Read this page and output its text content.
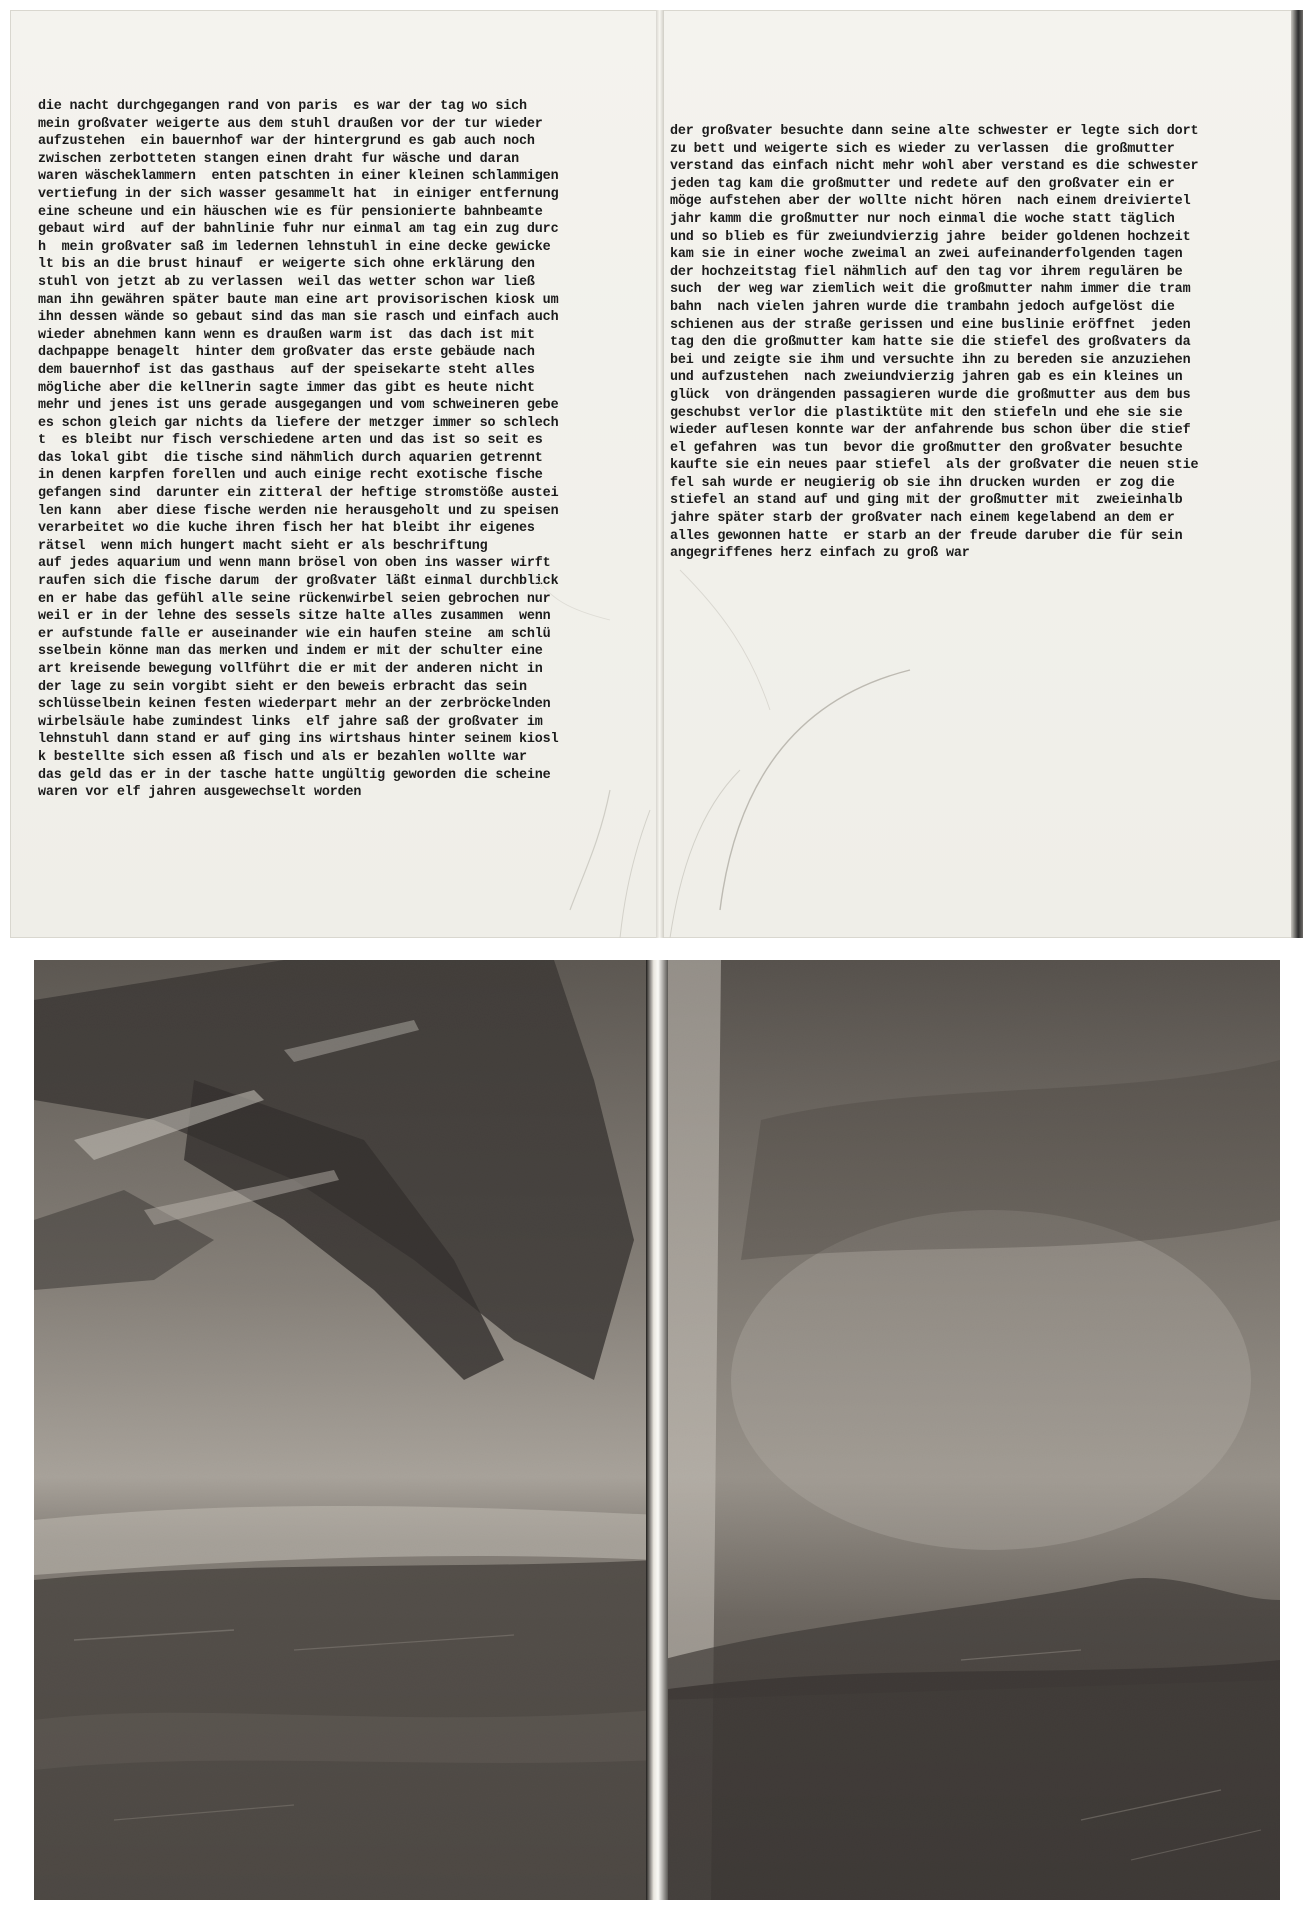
die nacht durchgegangen rand von paris  es war der tag wo sich
mein großvater weigerte aus dem stuhl draußen vor der tur wieder
aufzustehen  ein bauernhof war der hintergrund es gab auch noch
zwischen zerbotteten stangen einen draht fur wäsche und daran
waren wäscheklammern  enten patschten in einer kleinen schlammigen
vertiefung in der sich wasser gesammelt hat  in einiger entfernung
eine scheune und ein häuschen wie es für pensionierte bahnbeamte
gebaut wird  auf der bahnlinie fuhr nur einmal am tag ein zug durc
h  mein großvater saß im ledernen lehnstuhl in eine decke gewicke
lt bis an die brust hinauf  er weigerte sich ohne erklärung den
stuhl von jetzt ab zu verlassen  weil das wetter schon war ließ
man ihn gewähren später baute man eine art provisorischen kiosk um
ihn dessen wände so gebaut sind das man sie rasch und einfach auch
wieder abnehmen kann wenn es draußen warm ist  das dach ist mit
dachpappe benagelt  hinter dem großvater das erste gebäude nach
dem bauernhof ist das gasthaus  auf der speisekarte steht alles
mögliche aber die kellnerin sagte immer das gibt es heute nicht
mehr und jenes ist uns gerade ausgegangen und vom schweineren gebe
es schon gleich gar nichts da liefere der metzger immer so schlech
t  es bleibt nur fisch verschiedene arten und das ist so seit es
das lokal gibt  die tische sind nähmlich durch aquarien getrennt
in denen karpfen forellen und auch einige recht exotische fische
gefangen sind  darunter ein zitteral der heftige stromstöße austei
len kann  aber diese fische werden nie herausgeholt und zu speisen
verarbeitet wo die kuche ihren fisch her hat bleibt ihr eigenes
rätsel  wenn mich hungert macht sieht er als beschriftung
auf jedes aquarium und wenn mann brösel von oben ins wasser wirft
raufen sich die fische darum  der großvater läßt einmal durchblick
en er habe das gefühl alle seine rückenwirbel seien gebrochen nur
weil er in der lehne des sessels sitze halte alles zusammen  wenn
er aufstunde falle er auseinander wie ein haufen steine  am schlü
sselbein könne man das merken und indem er mit der schulter eine
art kreisende bewegung vollführt die er mit der anderen nicht in
der lage zu sein vorgibt sieht er den beweis erbracht das sein
schlüsselbein keinen festen wiederpart mehr an der zerbröckelnden
wirbelsäule habe zumindest links  elf jahre saß der großvater im
lehnstuhl dann stand er auf ging ins wirtshaus hinter seinem kiosl
k bestellte sich essen aß fisch und als er bezahlen wollte war
das geld das er in der tasche hatte ungültig geworden die scheine
waren vor elf jahren ausgewechselt worden
der großvater besuchte dann seine alte schwester er legte sich dort
zu bett und weigerte sich es wieder zu verlassen  die großmutter
verstand das einfach nicht mehr wohl aber verstand es die schwester
jeden tag kam die großmutter und redete auf den großvater ein er
möge aufstehen aber der wollte nicht hören  nach einem dreiviertel
jahr kamm die großmutter nur noch einmal die woche statt täglich
und so blieb es für zweiundvierzig jahre  beider goldenen hochzeit
kam sie in einer woche zweimal an zwei aufeinanderfolgenden tagen
der hochzeitstag fiel nähmlich auf den tag vor ihrem regulären be
such  der weg war ziemlich weit die großmutter nahm immer die tram
bahn  nach vielen jahren wurde die trambahn jedoch aufgelöst die
schienen aus der straße gerissen und eine buslinie eröffnet  jeden
tag den die großmutter kam hatte sie die stiefel des großvaters da
bei und zeigte sie ihm und versuchte ihn zu bereden sie anzuziehen
und aufzustehen  nach zweiundvierzig jahren gab es ein kleines un
glück  von drängenden passagieren wurde die großmutter aus dem bus
geschubst verlor die plastiktüte mit den stiefeln und ehe sie sie
wieder auflesen konnte war der anfahrende bus schon über die stief
el gefahren  was tun  bevor die großmutter den großvater besuchte
kaufte sie ein neues paar stiefel  als der großvater die neuen stie
fel sah wurde er neugierig ob sie ihn drucken wurden  er zog die
stiefel an stand auf und ging mit der großmutter mit  zweieinhalb
jahre später starb der großvater nach einem kegelabend an dem er
alles gewonnen hatte  er starb an der freude daruber die für sein
angegriffenes herz einfach zu groß war
